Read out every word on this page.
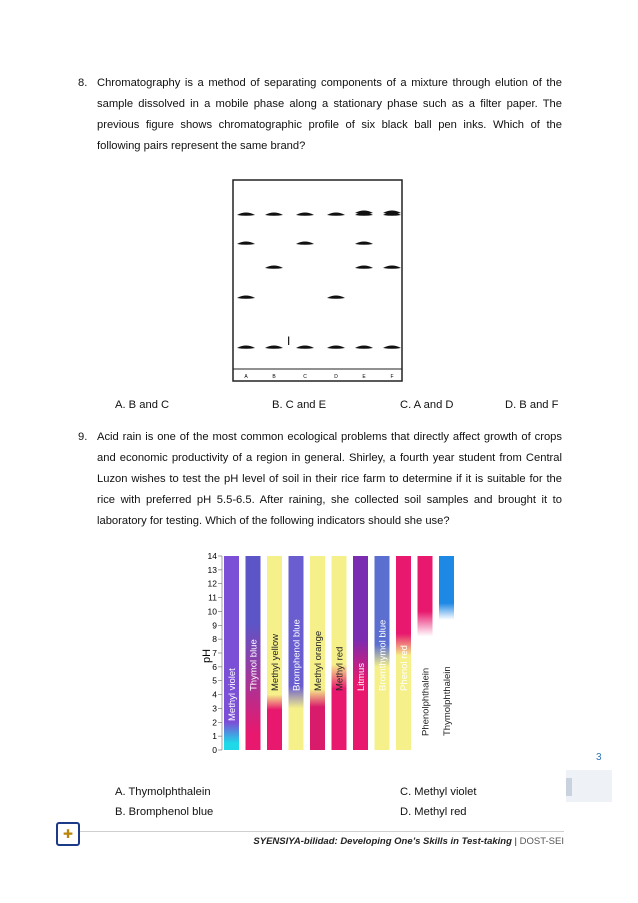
8. Chromatography is a method of separating components of a mixture through elution of the sample dissolved in a mobile phase along a stationary phase such as a filter paper. The previous figure shows chromatographic profile of six black ball pen inks. Which of the following pairs represent the same brand?
A	B	C	D	E	F
I
A. B and C	B. C and E	C. A and D	D. B and F
9. Acid rain is one of the most common ecological problems that directly affect growth of crops and economic productivity of a region in general. Shirley, a fourth year student from Central Luzon wishes to test the pH level of soil in their rice farm to determine if it is suitable for the rice with preferred pH 5.5-6.5. After raining, she collected soil samples and brought it to laboratory for testing. Which of the following indicators should she use?
pH
0
1
2
3
4
5
6
7
8
9
10
11
12
13
14
Methyl violet
Thymol blue Methyl yellow Bromphenol blue Methyl orange Methyl red Litmus Bromthymol blue Phenol red Phenolphthalein Thymolphthalein
3
A. Thymolphthalein	C. Methyl violet
B. Bromphenol blue	D. Methyl red
✚
SYENSIYA-bilidad: Developing One’s Skills in Test-taking | DOST-SEI
